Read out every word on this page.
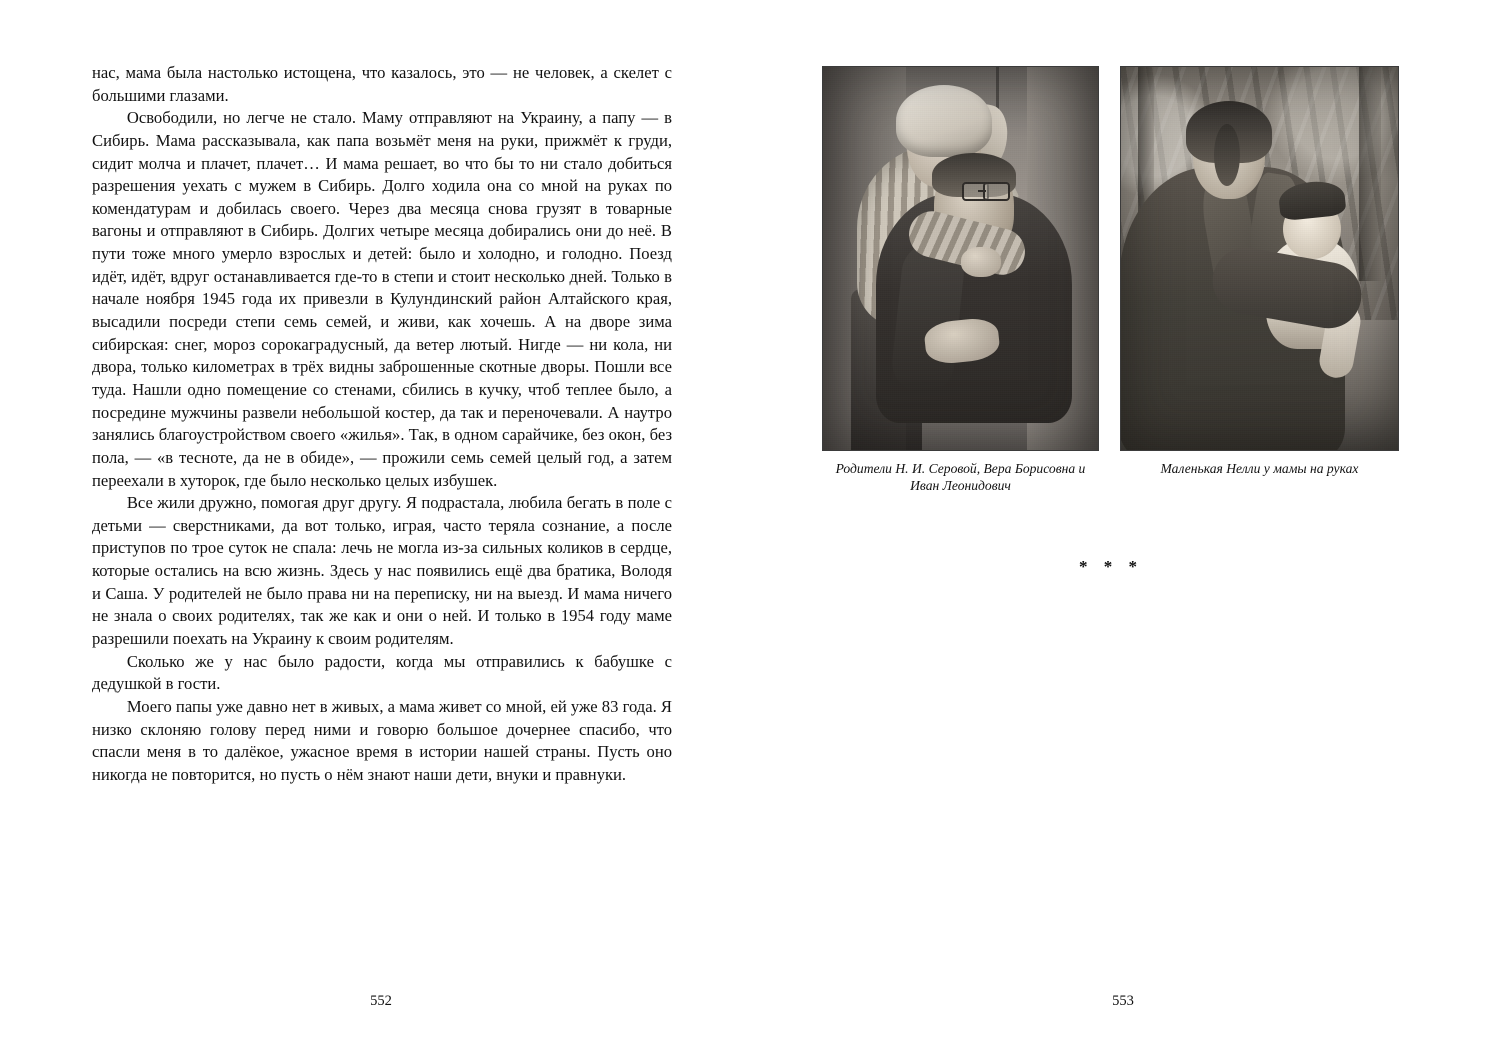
нас, мама была настолько истощена, что казалось, это — не человек, а скелет с большими глазами.

Освободили, но легче не стало. Маму отправляют на Украину, а папу — в Сибирь. Мама рассказывала, как папа возьмёт меня на руки, прижмёт к груди, сидит молча и плачет, плачет… И мама решает, во что бы то ни стало добиться разрешения уехать с мужем в Сибирь. Долго ходила она со мной на руках по комендатурам и добилась своего. Через два месяца снова грузят в товарные вагоны и отправляют в Сибирь. Долгих четыре месяца добирались они до неё. В пути тоже много умерло взрослых и детей: было и холодно, и голодно. Поезд идёт, идёт, вдруг останавливается где-то в степи и стоит несколько дней. Только в начале ноября 1945 года их привезли в Кулундинский район Алтайского края, высадили посреди степи семь семей, и живи, как хочешь. А на дворе зима сибирская: снег, мороз сорокаградусный, да ветер лютый. Нигде — ни кола, ни двора, только километрах в трёх видны заброшенные скотные дворы. Пошли все туда. Нашли одно помещение со стенами, сбились в кучку, чтоб теплее было, а посредине мужчины развели небольшой костер, да так и переночевали. А наутро занялись благоустройством своего «жилья». Так, в одном сарайчике, без окон, без пола, — «в тесноте, да не в обиде», — прожили семь семей целый год, а затем переехали в хуторок, где было несколько целых избушек.

Все жили дружно, помогая друг другу. Я подрастала, любила бегать в поле с детьми — сверстниками, да вот только, играя, часто теряла сознание, а после приступов по трое суток не спала: лечь не могла из-за сильных коликов в сердце, которые остались на всю жизнь. Здесь у нас появились ещё два братика, Володя и Саша. У родителей не было права ни на переписку, ни на выезд. И мама ничего не знала о своих родителях, так же как и они о ней. И только в 1954 году маме разрешили поехать на Украину к своим родителям.

Сколько же у нас было радости, когда мы отправились к бабушке с дедушкой в гости.

Моего папы уже давно нет в живых, а мама живет со мной, ей уже 83 года. Я низко склоняю голову перед ними и говорю большое дочернее спасибо, что спасли меня в то далёкое, ужасное время в истории нашей страны. Пусть оно никогда не повторится, но пусть о нём знают наши дети, внуки и правнуки.

552
Родители Н. И. Серовой, Вера Борисовна и Иван Леонидович
Маленькая Нелли у мамы на руках
* * *
553
